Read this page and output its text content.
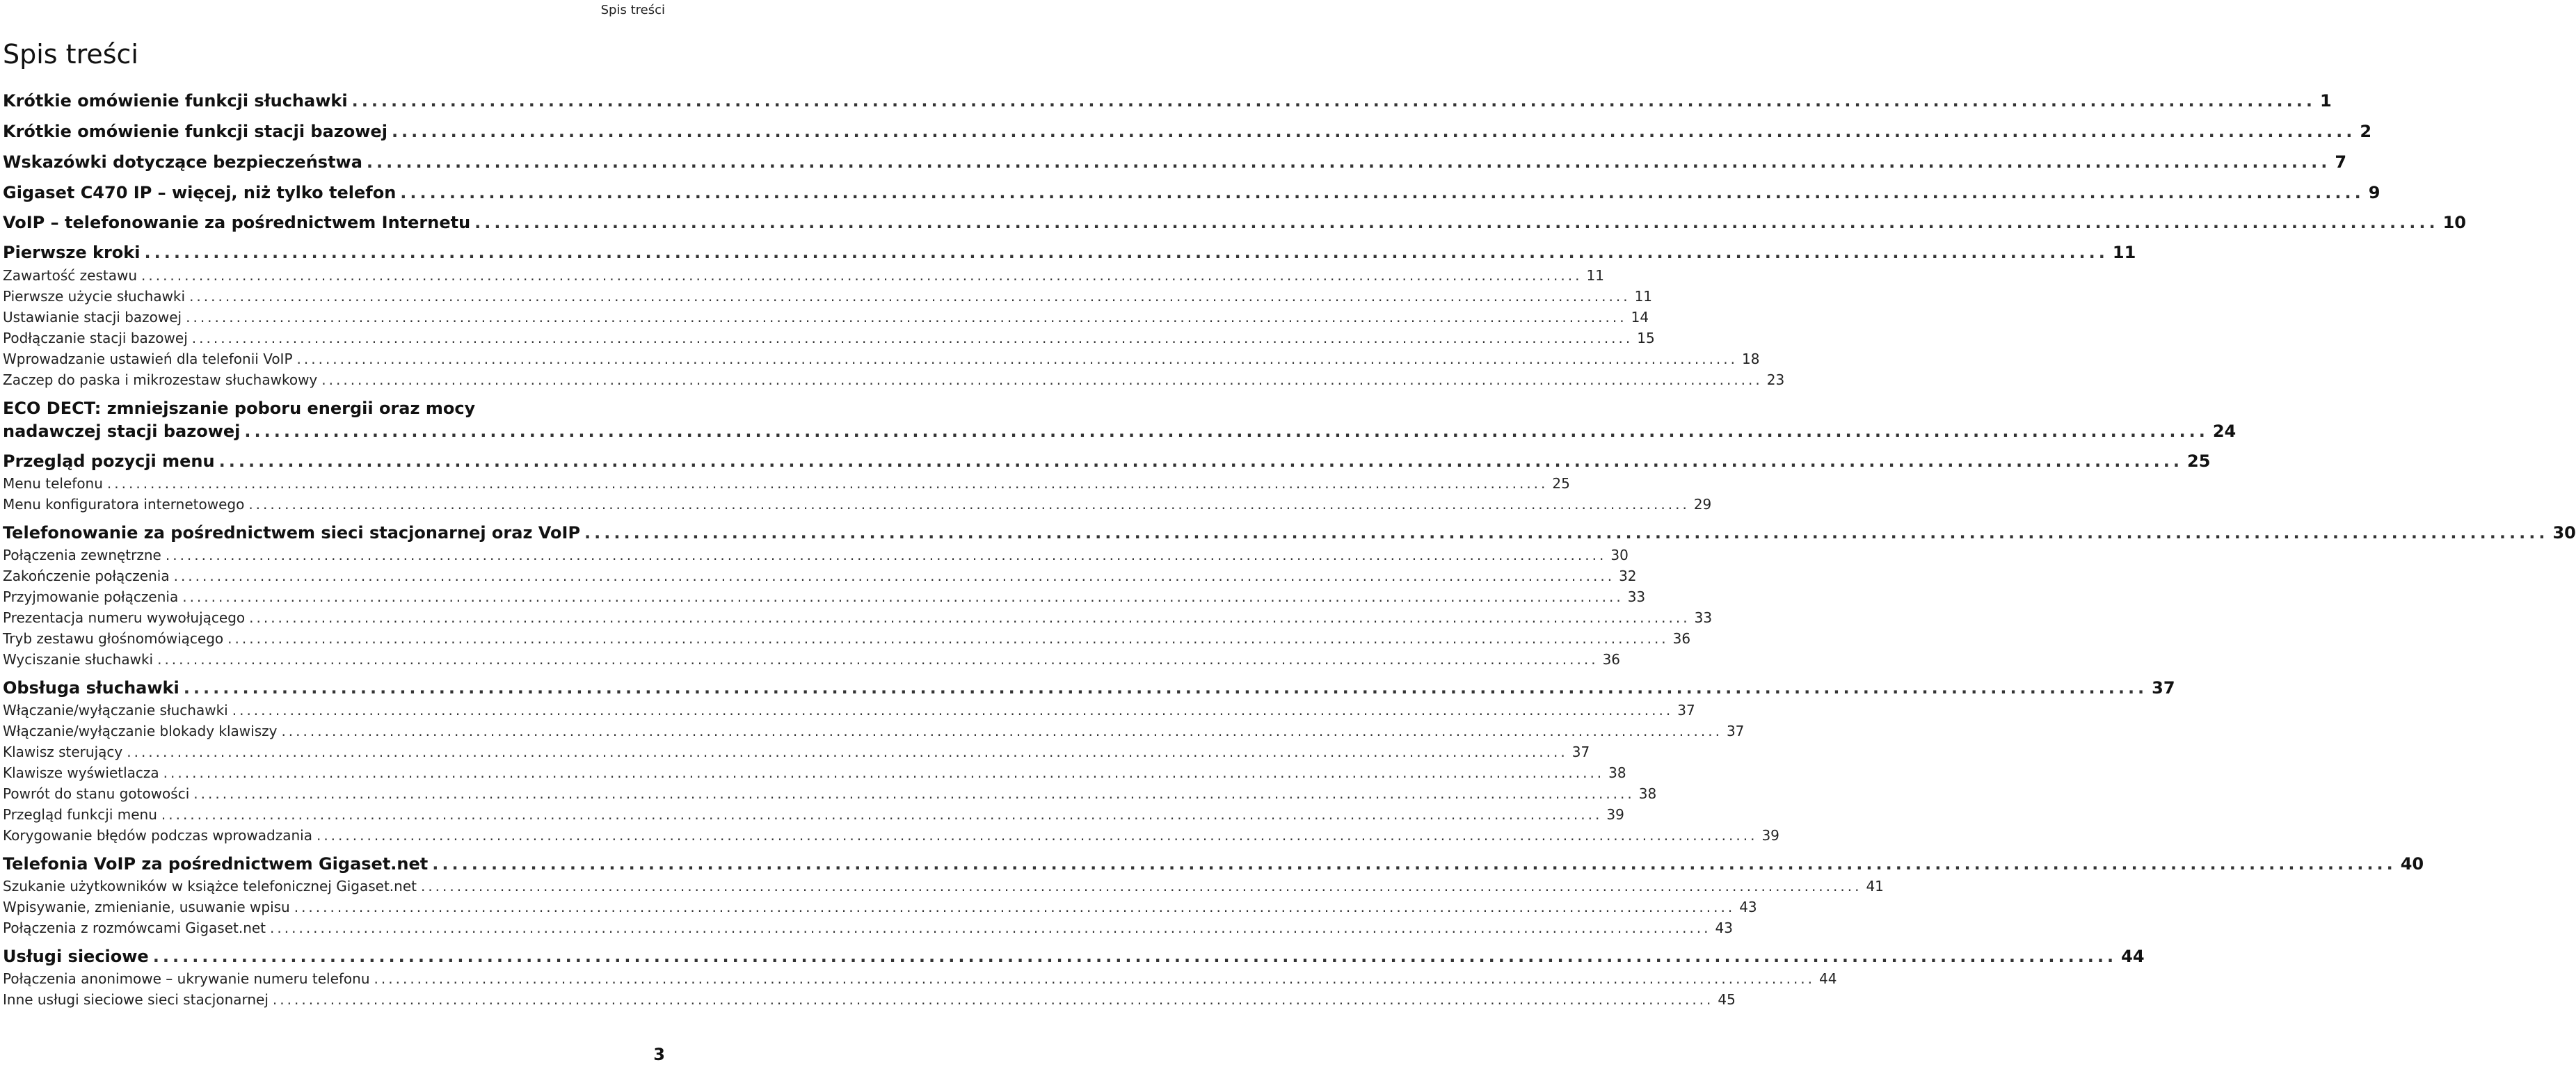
Spis treści
Spis treści
Krótkie omówienie funkcji słuchawki ........................................................................................................................................................................................................ 1
Krótkie omówienie funkcji stacji bazowej ........................................................................................................................................................................................................ 2
Wskazówki dotyczące bezpieczeństwa ........................................................................................................................................................................................................ 7
Gigaset C470 IP – więcej, niż tylko telefon ........................................................................................................................................................................................................ 9
VoIP – telefonowanie za pośrednictwem Internetu ........................................................................................................................................................................................................ 10
Pierwsze kroki ........................................................................................................................................................................................................ 11
Zawartość zestawu ........................................................................................................................................................................................................ 11
Pierwsze użycie słuchawki ........................................................................................................................................................................................................ 11
Ustawianie stacji bazowej ........................................................................................................................................................................................................ 14
Podłączanie stacji bazowej ........................................................................................................................................................................................................ 15
Wprowadzanie ustawień dla telefonii VoIP ........................................................................................................................................................................................................ 18
Zaczep do paska i mikrozestaw słuchawkowy ........................................................................................................................................................................................................ 23
ECO DECT: zmniejszanie poboru energii oraz mocy
nadawczej stacji bazowej ........................................................................................................................................................................................................ 24
Przegląd pozycji menu ........................................................................................................................................................................................................ 25
Menu telefonu ........................................................................................................................................................................................................ 25
Menu konfiguratora internetowego ........................................................................................................................................................................................................ 29
Telefonowanie za pośrednictwem sieci stacjonarnej oraz VoIP ........................................................................................................................................................................................................ 30
Połączenia zewnętrzne ........................................................................................................................................................................................................ 30
Zakończenie połączenia ........................................................................................................................................................................................................ 32
Przyjmowanie połączenia ........................................................................................................................................................................................................ 33
Prezentacja numeru wywołującego ........................................................................................................................................................................................................ 33
Tryb zestawu głośnomówiącego ........................................................................................................................................................................................................ 36
Wyciszanie słuchawki ........................................................................................................................................................................................................ 36
Obsługa słuchawki ........................................................................................................................................................................................................ 37
Włączanie/wyłączanie słuchawki ........................................................................................................................................................................................................ 37
Włączanie/wyłączanie blokady klawiszy ........................................................................................................................................................................................................ 37
Klawisz sterujący ........................................................................................................................................................................................................ 37
Klawisze wyświetlacza ........................................................................................................................................................................................................ 38
Powrót do stanu gotowości ........................................................................................................................................................................................................ 38
Przegląd funkcji menu ........................................................................................................................................................................................................ 39
Korygowanie błędów podczas wprowadzania ........................................................................................................................................................................................................ 39
Telefonia VoIP za pośrednictwem Gigaset.net ........................................................................................................................................................................................................ 40
Szukanie użytkowników w książce telefonicznej Gigaset.net ........................................................................................................................................................................................................ 41
Wpisywanie, zmienianie, usuwanie wpisu ........................................................................................................................................................................................................ 43
Połączenia z rozmówcami Gigaset.net ........................................................................................................................................................................................................ 43
Usługi sieciowe ........................................................................................................................................................................................................ 44
Połączenia anonimowe – ukrywanie numeru telefonu ........................................................................................................................................................................................................ 44
Inne usługi sieciowe sieci stacjonarnej ........................................................................................................................................................................................................ 45
3
